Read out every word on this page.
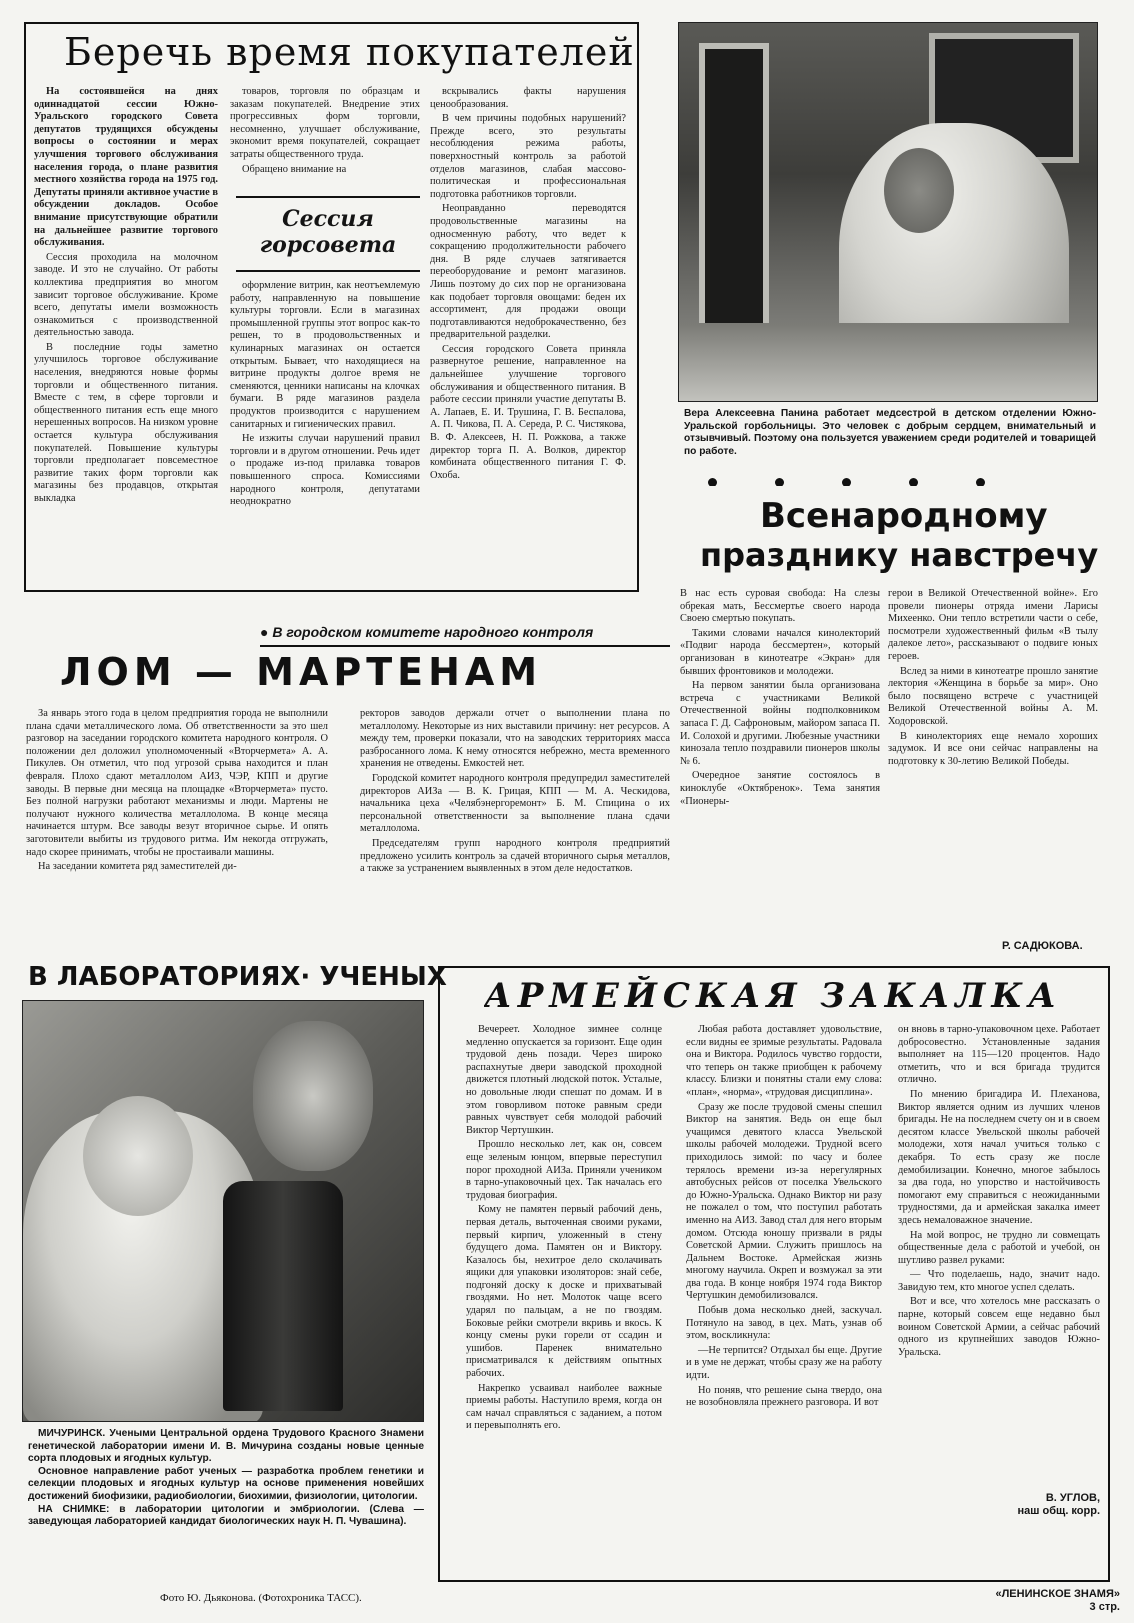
Беречь время покупателей

На состоявшейся на днях одиннадцатой сессии Южно-Уральского городского Совета депутатов трудящихся обсуждены вопросы о состоянии и мерах улучшения торгового обслуживания населения города, о плане развития местного хозяйства города на 1975 год. Депутаты приняли активное участие в обсуждении докладов. Особое внимание присутствующие обратили на дальнейшее развитие торгового обслуживания.

Сессия проходила на молочном заводе. И это не случайно. От работы коллектива предприятия во многом зависит торговое обслуживание. Кроме всего, депутаты имели возможность ознакомиться с производственной деятельностью завода.

В последние годы заметно улучшилось торговое обслуживание населения, внедряются новые формы торговли и общественного питания. Вместе с тем, в сфере торговли и общественного питания есть еще много нерешенных вопросов. На низком уровне остается культура обслуживания покупателей. Повышение культуры торговли предполагает повсеместное развитие таких форм торговли как магазины без продавцов, открытая выкладка

товаров, торговля по образцам и заказам покупателей. Внедрение этих прогрессивных форм торговли, несомненно, улучшает обслуживание, экономит время покупателей, сокращает затраты общественного труда.

Обращено внимание на

Сессия
горсовета

оформление витрин, как неотъемлемую работу, направленную на повышение культуры торговли. Если в магазинах промышленной группы этот вопрос как-то решен, то в продовольственных и кулинарных магазинах он остается открытым. Бывает, что находящиеся на витрине продукты долгое время не сменяются, ценники написаны на клочках бумаги. В ряде магазинов раздела продуктов производится с нарушением санитарных и гигиенических правил.

Не изжиты случаи нарушений правил торговли и в другом отношении. Речь идет о продаже из-под прилавка товаров повышенного спроса. Комиссиями народного контроля, депутатами неоднократно

вскрывались факты нарушения ценообразования.

В чем причины подобных нарушений? Прежде всего, это результаты несоблюдения режима работы, поверхностный контроль за работой отделов магазинов, слабая массово-политическая и профессиональная подготовка работников торговли.

Неоправданно переводятся продовольственные магазины на односменную работу, что ведет к сокращению продолжительности рабочего дня. В ряде случаев затягивается переоборудование и ремонт магазинов. Лишь поэтому до сих пор не организована как подобает торговля овощами: беден их ассортимент, для продажи овощи подготавливаются недоброкачественно, без предварительной разделки.

Сессия городского Совета приняла развернутое решение, направленное на дальнейшее улучшение торгового обслуживания и общественного питания. В работе сессии приняли участие депутаты В. А. Лапаев, Е. И. Трушина, Г. В. Беспалова, А. П. Чикова, П. А. Середа, Р. С. Чистякова, В. Ф. Алексеев, Н. П. Рожкова, а также директор торга П. А. Волков, директор комбината общественного питания Г. Ф. Охоба.

Вера Алексеевна Панина работает медсестрой в детском отделении Южно-Уральской горбольницы. Это человек с добрым сердцем, внимательный и отзывчивый. Поэтому она пользуется уважением среди родителей и товарищей по работе.
Всенародному
празднику навстречу

В нас есть суровая свобода: На слезы обрекая мать, Бессмертье своего народа Своею смертью покупать.

Такими словами начался кинолекторий «Подвиг народа бессмертен», который организован в кинотеатре «Экран» для бывших фронтовиков и молодежи.

На первом занятии была организована встреча с участниками Великой Отечественной войны подполковником запаса Г. Д. Сафроновым, майором запаса П. И. Солохой и другими. Любезные участники кинозала тепло поздравили пионеров школы № 6.

Очередное занятие состоялось в киноклубе «Октябренок». Тема занятия «Пионеры-

герои в Великой Отечественной войне». Его провели пионеры отряда имени Ларисы Михеенко. Они тепло встретили части о себе, посмотрели художественный фильм «В тылу далекое лето», рассказывают о подвиге юных героев.

Вслед за ними в кинотеатре прошло занятие лектория «Женщина в борьбе за мир». Оно было посвящено встрече с участницей Великой Отечественной войны А. М. Ходоровской.

В кинолекториях еще немало хороших задумок. И все они сейчас направлены на подготовку к 30-летию Великой Победы.

Р. САДЮКОВА.
● В городском комитете народного контроля
ЛОМ — МАРТЕНАМ

За январь этого года в целом предприятия города не выполнили плана сдачи металлического лома. Об ответственности за это шел разговор на заседании городского комитета народного контроля. О положении дел доложил уполномоченный «Вторчермета» А. А. Пикулев. Он отметил, что под угрозой срыва находится и план февраля. Плохо сдают металлолом АИЗ, ЧЭР, КПП и другие заводы. В первые дни месяца на площадке «Вторчермета» пусто. Без полной нагрузки работают механизмы и люди. Мартены не получают нужного количества металлолома. В конце месяца начинается штурм. Все заводы везут вторичное сырье. И опять заготовители выбиты из трудового ритма. Им некогда отгружать, надо скорее принимать, чтобы не простаивали машины.

На заседании комитета ряд заместителей ди-

ректоров заводов держали отчет о выполнении плана по металлолому. Некоторые из них выставили причину: нет ресурсов. А между тем, проверки показали, что на заводских территориях масса разбросанного лома. К нему относятся небрежно, места временного хранения не отведены. Емкостей нет.

Городской комитет народного контроля предупредил заместителей директоров АИЗа — В. К. Грицая, КПП — М. А. Ческидова, начальника цеха «Челябэнергоремонт» Б. М. Спицина о их персональной ответственности за выполнение плана сдачи металлолома.

Председателям групп народного контроля предприятий предложено усилить контроль за сдачей вторичного сырья металлов, а также за устранением выявленных в этом деле недостатков.

В ЛАБОРАТОРИЯХ· УЧЕНЫХ

МИЧУРИНСК. Учеными Центральной ордена Трудового Красного Знамени генетической лаборатории имени И. В. Мичурина созданы новые ценные сорта плодовых и ягодных культур.

Основное направление работ ученых — разработка проблем генетики и селекции плодовых и ягодных культур на основе применения новейших достижений биофизики, радиобиологии, биохимии, физиологии, цитологии.

НА СНИМКЕ: в лаборатории цитологии и эмбриологии. (Слева — заведующая лабораторией кандидат биологических наук Н. П. Чувашина).

Фото Ю. Дьяконова. (Фотохроника ТАСС).
АРМЕЙСКАЯ ЗАКАЛКА

Вечереет. Холодное зимнее солнце медленно опускается за горизонт. Еще один трудовой день позади. Через широко распахнутые двери заводской проходной движется плотный людской поток. Усталые, но довольные люди спешат по домам. И в этом говорливом потоке равным среди равных чувствует себя молодой рабочий Виктор Чертушкин.

Прошло несколько лет, как он, совсем еще зеленым юнцом, впервые переступил порог проходной АИЗа. Приняли учеником в тарно-упаковочный цех. Так началась его трудовая биография.

Кому не памятен первый рабочий день, первая деталь, выточенная своими руками, первый кирпич, уложенный в стену будущего дома. Памятен он и Виктору. Казалось бы, нехитрое дело сколачивать ящики для упаковки изоляторов: знай себе, подгоняй доску к доске и прихватывай гвоздями. Но нет. Молоток чаще всего ударял по пальцам, а не по гвоздям. Боковые рейки смотрели вкривь и вкось. К концу смены руки горели от ссадин и ушибов. Паренек внимательно присматривался к действиям опытных рабочих.

Накрепко усваивал наиболее важные приемы работы. Наступило время, когда он сам начал справляться с заданием, а потом и перевыполнять его.

Любая работа доставляет удовольствие, если видны ее зримые результаты. Радовала она и Виктора. Родилось чувство гордости, что теперь он также приобщен к рабочему классу. Близки и понятны стали ему слова: «план», «норма», «трудовая дисциплина».

Сразу же после трудовой смены спешил Виктор на занятия. Ведь он еще был учащимся девятого класса Увельской школы рабочей молодежи. Трудной всего приходилось зимой: по часу и более терялось времени из-за нерегулярных автобусных рейсов от поселка Увельского до Южно-Уральска. Однако Виктор ни разу не пожалел о том, что поступил работать именно на АИЗ. Завод стал для него вторым домом. Отсюда юношу призвали в ряды Советской Армии. Служить пришлось на Дальнем Востоке. Армейская жизнь многому научила. Окреп и возмужал за эти два года. В конце ноября 1974 года Виктор Чертушкин демобилизовался.

Побыв дома несколько дней, заскучал. Потянуло на завод, в цех. Мать, узнав об этом, воскликнула:

—Не терпится? Отдыхал бы еще. Другие и в уме не держат, чтобы сразу же на работу идти.

Но поняв, что решение сына твердо, она не возобновляла прежнего разговора. И вот

он вновь в тарно-упаковочном цехе. Работает добросовестно. Установленные задания выполняет на 115—120 процентов. Надо отметить, что и вся бригада трудится отлично.

По мнению бригадира И. Плеханова, Виктор является одним из лучших членов бригады. Не на последнем счету он и в своем десятом классе Увельской школы рабочей молодежи, хотя начал учиться только с декабря. То есть сразу же после демобилизации. Конечно, многое забылось за два года, но упорство и настойчивость помогают ему справиться с неожиданными трудностями, да и армейская закалка имеет здесь немаловажное значение.

На мой вопрос, не трудно ли совмещать общественные дела с работой и учебой, он шутливо развел руками:

— Что поделаешь, надо, значит надо. Завидую тем, кто многое успел сделать.

Вот и все, что хотелось мне рассказать о парне, который совсем еще недавно был воином Советской Армии, а сейчас рабочий одного из крупнейших заводов Южно-Уральска.

В. УГЛОВ,
наш общ. корр.
«ЛЕНИНСКОЕ ЗНАМЯ»
3 стр.
